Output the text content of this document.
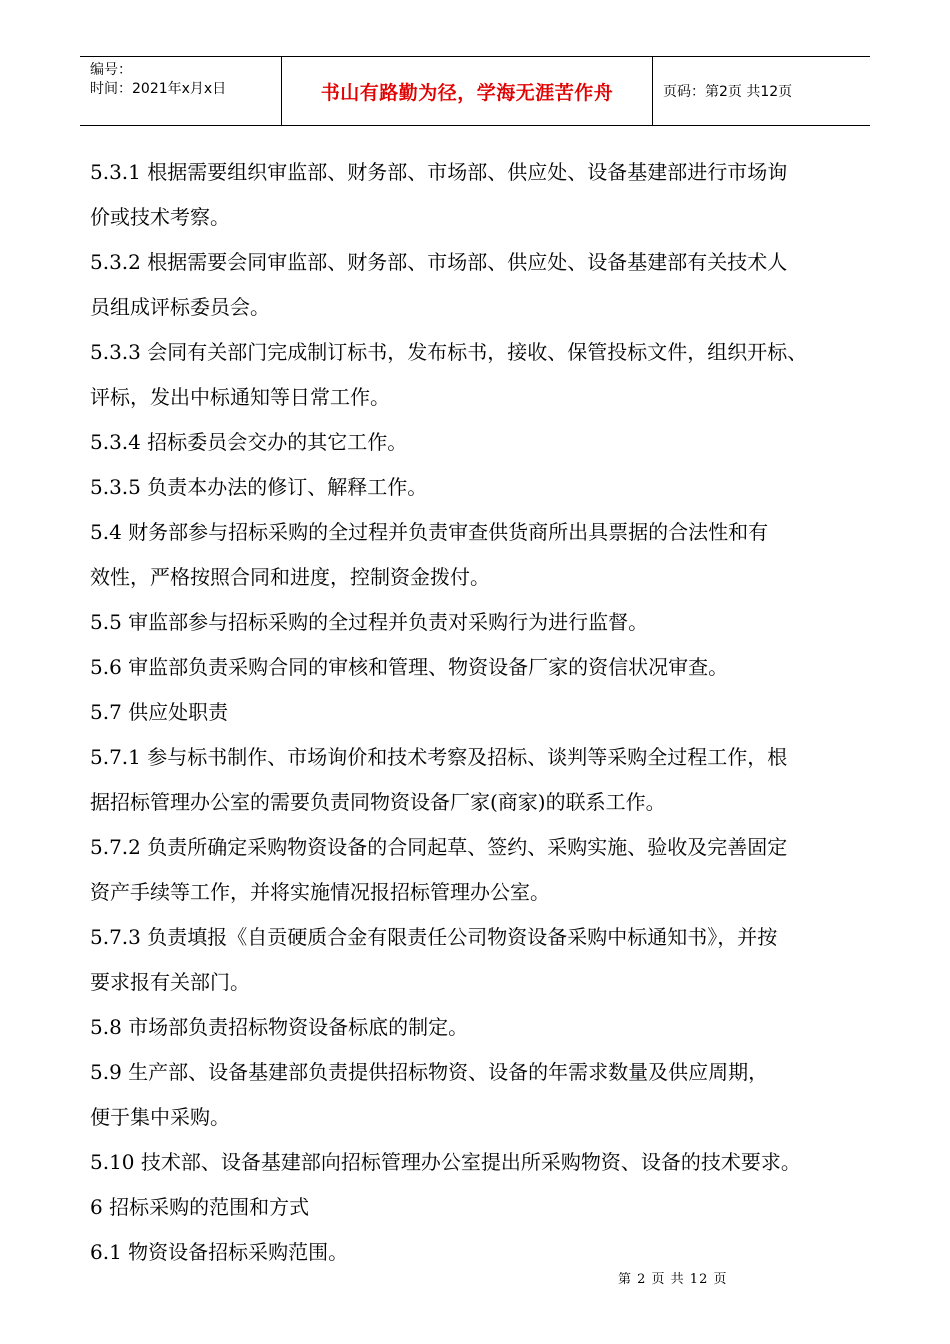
编号：
时间：2021年x月x日	书山有路勤为径，学海无涯苦作舟	页码：第2页 共12页

5.3.1 根据需要组织审监部、财务部、市场部、供应处、设备基建部进行市场询

价或技术考察。

5.3.2 根据需要会同审监部、财务部、市场部、供应处、设备基建部有关技术人

员组成评标委员会。

5.3.3 会同有关部门完成制订标书，发布标书，接收、保管投标文件，组织开标、

评标，发出中标通知等日常工作。

5.3.4 招标委员会交办的其它工作。

5.3.5 负责本办法的修订、解释工作。

5.4 财务部参与招标采购的全过程并负责审查供货商所出具票据的合法性和有

效性，严格按照合同和进度，控制资金拨付。

5.5 审监部参与招标采购的全过程并负责对采购行为进行监督。

5.6 审监部负责采购合同的审核和管理、物资设备厂家的资信状况审查。

5.7 供应处职责

5.7.1 参与标书制作、市场询价和技术考察及招标、谈判等采购全过程工作，根

据招标管理办公室的需要负责同物资设备厂家(商家)的联系工作。

5.7.2 负责所确定采购物资设备的合同起草、签约、采购实施、验收及完善固定

资产手续等工作，并将实施情况报招标管理办公室。

5.7.3 负责填报《自贡硬质合金有限责任公司物资设备采购中标通知书》，并按

要求报有关部门。

5.8 市场部负责招标物资设备标底的制定。

5.9 生产部、设备基建部负责提供招标物资、设备的年需求数量及供应周期，

便于集中采购。

5.10 技术部、设备基建部向招标管理办公室提出所采购物资、设备的技术要求。

6 招标采购的范围和方式

6.1 物资设备招标采购范围。

第 2 页 共 12 页
